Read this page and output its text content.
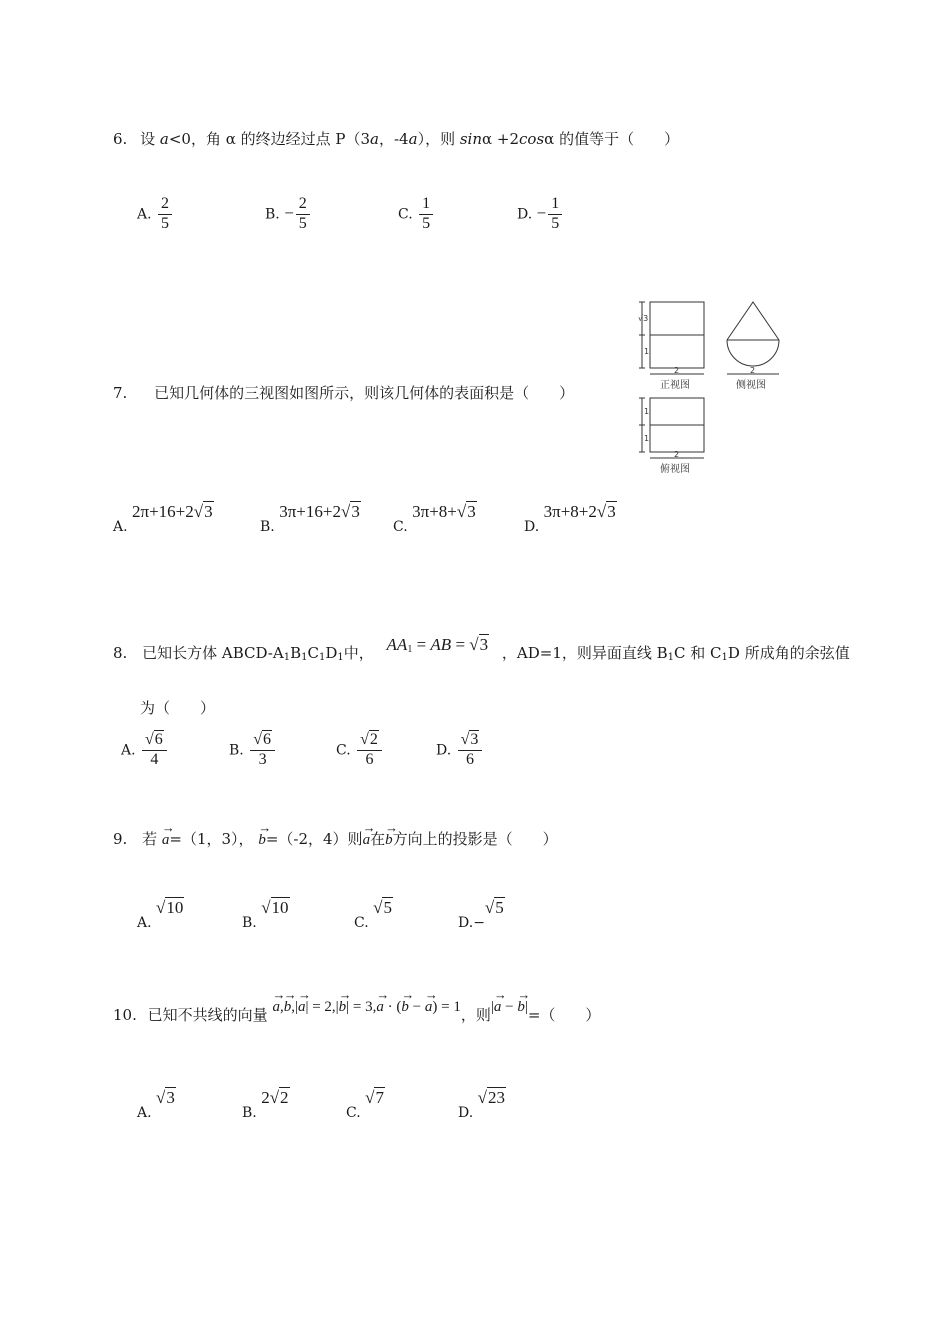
6. 设 a<0，角 α 的终边经过点 P（3a，-4a），则 sinα +2cosα 的值等于（　　）
A. $\frac{2}{5}$	B. − $\frac{2}{5}$	C. $\frac{1}{5}$	D. − $\frac{1}{5}$
7. 已知几何体的三视图如图所示，则该几何体的表面积是（　　）
√3
1
2
正视图
2
侧视图
1
1
2
俯视图
A. 2π+16+2√3
B. 3π+16+2√3
C. 3π+8+√3
D. 3π+8+2√3
8. 已知长方体 ABCD-$A_1B_1C_1D_1$中， $AA_1$ = AB = √3 ，AD=1，则异面直线 $B_1C$ 和 $C_1D$ 所成角的余弦值
为（　　）
A. $\frac{√6}{4}$	B. $\frac{√6}{3}$	C. $\frac{√2}{6}$	D. $\frac{√3}{6}$
9. 若 → a=（1，3）， → b=（-2，4）则→ a在→ b方向上的投影是（　　）
A. √10
B. √10
C. √5
D.−√5
10. 已知不共线的向量 → a,→ b,|→ a| = 2,|→ b| = 3,→ a · (→ b − → a) = 1，则|→ a − → b|=（　　）
A. √3
B. 2√2
C. √7
D. √23
